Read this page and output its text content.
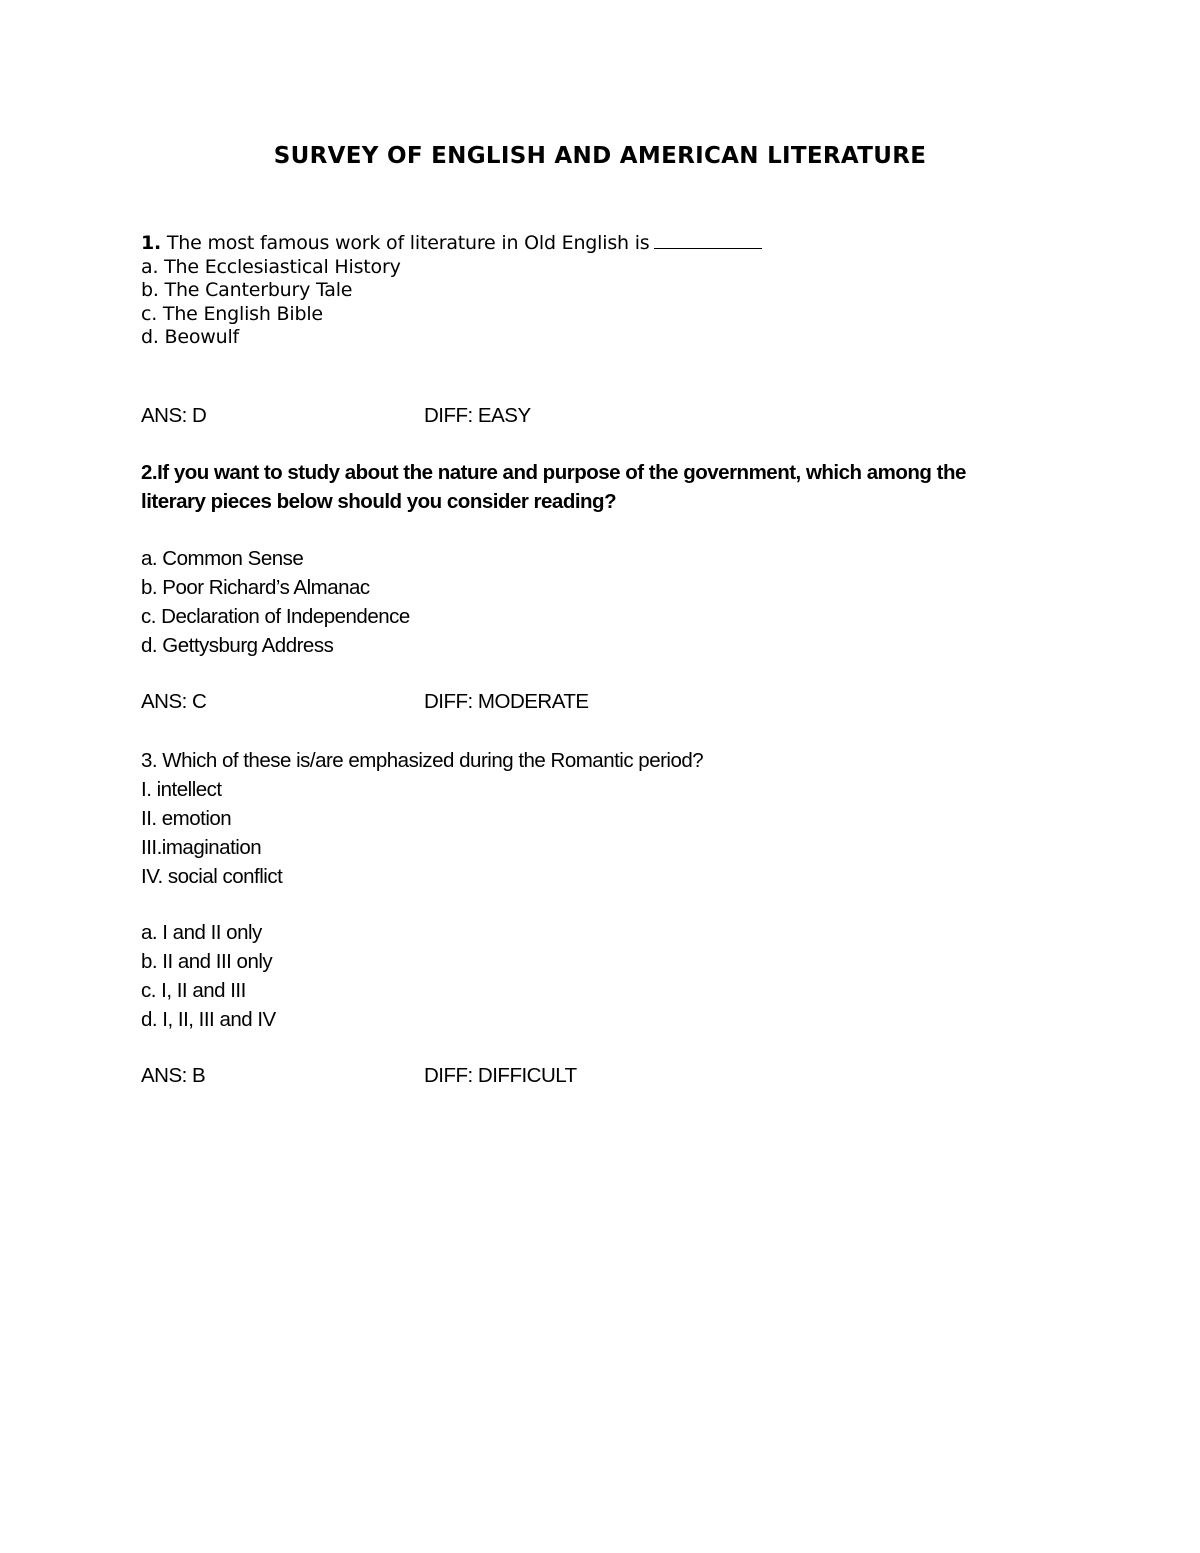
SURVEY OF ENGLISH AND AMERICAN LITERATURE
1. The most famous work of literature in Old English is
a. The Ecclesiastical History
b. The Canterbury Tale
c. The English Bible
d. Beowulf
ANS: D	DIFF: EASY
2.If you want to study about the nature and purpose of the government, which among the
literary pieces below should you consider reading?
a. Common Sense
b. Poor Richard’s Almanac
c. Declaration of Independence
d. Gettysburg Address
ANS: C	DIFF: MODERATE
3. Which of these is/are emphasized during the Romantic period?
I. intellect
II. emotion
III.imagination
IV. social conflict
a. I and II only
b. II and III only
c. I, II and III
d. I, II, III and IV
ANS: B	DIFF: DIFFICULT
